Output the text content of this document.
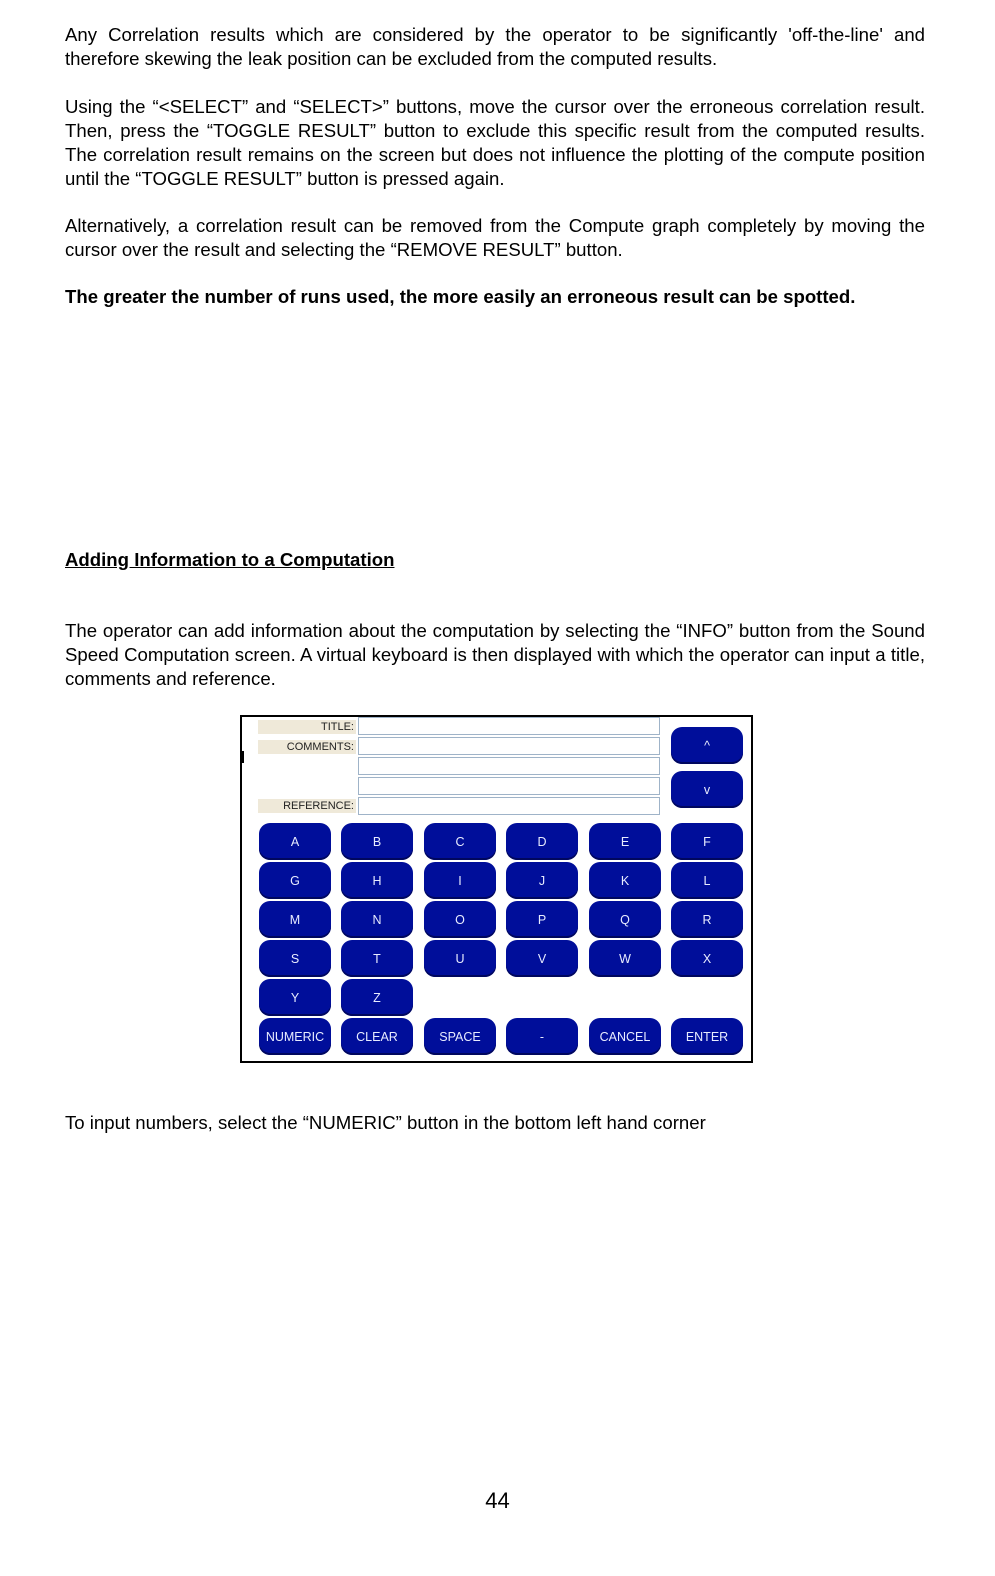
Any Correlation results which are considered by the operator to be significantly 'off-the-line' and therefore skewing the leak position can be excluded from the computed results.

Using the “<SELECT” and “SELECT>” buttons, move the cursor over the erroneous correlation result. Then, press the “TOGGLE RESULT” button to exclude this specific result from the computed results. The correlation result remains on the screen but does not influence the plotting of the compute position until the “TOGGLE RESULT” button is pressed again.

Alternatively, a correlation result can be removed from the Compute graph completely by moving the cursor over the result and selecting the “REMOVE RESULT” button.

The greater the number of runs used, the more easily an erroneous result can be spotted.

Adding Information to a Computation

The operator can add information about the computation by selecting the “INFO” button from the Sound Speed Computation screen. A virtual keyboard is then displayed with which the operator can input a title, comments and reference.

TITLE:
COMMENTS:
REFERENCE:
^
v
A	B	C	D	E	F
G	H	I	J	K	L
M	N	O	P	Q	R
S	T	U	V	W	X
Y	Z
NUMERIC	CLEAR	SPACE	-	CANCEL	ENTER

To input numbers, select the “NUMERIC” button in the bottom left hand corner

44
